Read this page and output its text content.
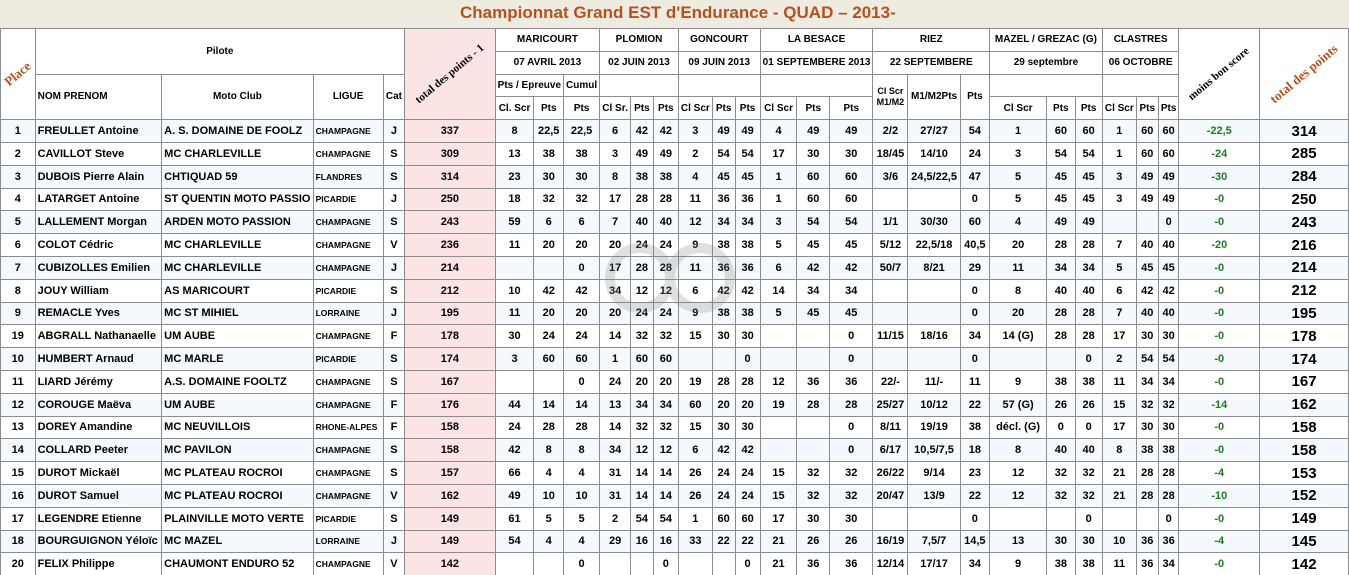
Championnat Grand EST d'Endurance - QUAD – 2013-
Place	Pilote				total des points - 1	MARICOURT			PLOMION			GONCOURT			LA BESACE			RIEZ			MAZEL / GREZAC (G)			CLASTRES			moins bon score	total des points
						07 AVRIL 2013			02 JUIN 2013			09 JUIN 2013			01 SEPTEMBERE 2013			22 SEPTEMBERE			29 septembre			06 OCTOBRE				
	NOM PRENOM	Moto Club	LIGUE	Cat		Pts / Epreuve		Cumul										Cl Scr M1/M2	M1/M2Pts	Pts								
						Cl. Scr	Pts	Pts	Cl Sr.	Pts	Pts	Cl Scr	Pts	Pts	Cl Scr	Pts	Pts				Cl Scr	Pts	Pts	Cl Scr	Pts	Pts		
1	FREULLET Antoine	A. S. DOMAINE DE FOOLZ	CHAMPAGNE	J	337	8	22,5	22,5	6	42	42	3	49	49	4	49	49	2/2	27/27	54	1	60	60	1	60	60	-22,5	314
2	CAVILLOT Steve	MC CHARLEVILLE	CHAMPAGNE	S	309	13	38	38	3	49	49	2	54	54	17	30	30	18/45	14/10	24	3	54	54	1	60	60	-24	285
3	DUBOIS Pierre Alain	CHTIQUAD 59	FLANDRES	S	314	23	30	30	8	38	38	4	45	45	1	60	60	3/6	24,5/22,5	47	5	45	45	3	49	49	-30	284
4	LATARGET Antoine	ST QUENTIN MOTO PASSIO	PICARDIE	J	250	18	32	32	17	28	28	11	36	36	1	60	60			0	5	45	45	3	49	49	-0	250
5	LALLEMENT Morgan	ARDEN MOTO PASSION	CHAMPAGNE	S	243	59	6	6	7	40	40	12	34	34	3	54	54	1/1	30/30	60	4	49	49			0	-0	243
6	COLOT Cédric	MC CHARLEVILLE	CHAMPAGNE	V	236	11	20	20	20	24	24	9	38	38	5	45	45	5/12	22,5/18	40,5	20	28	28	7	40	40	-20	216
7	CUBIZOLLES Emilien	MC CHARLEVILLE	CHAMPAGNE	J	214			0	17	28	28	11	36	36	6	42	42	50/7	8/21	29	11	34	34	5	45	45	-0	214
8	JOUY William	AS MARICOURT	PICARDIE	S	212	10	42	42	34	12	12	6	42	42	14	34	34			0	8	40	40	6	42	42	-0	212
9	REMACLE Yves	MC ST MIHIEL	LORRAINE	J	195	11	20	20	20	24	24	9	38	38	5	45	45			0	20	28	28	7	40	40	-0	195
19	ABGRALL Nathanaelle	UM AUBE	CHAMPAGNE	F	178	30	24	24	14	32	32	15	30	30			0	11/15	18/16	34	14 (G)	28	28	17	30	30	-0	178
10	HUMBERT Arnaud	MC MARLE	PICARDIE	S	174	3	60	60	1	60	60			0			0			0			0	2	54	54	-0	174
11	LIARD Jérémy	A.S. DOMAINE FOOLTZ	CHAMPAGNE	S	167			0	24	20	20	19	28	28	12	36	36	22/-	11/-	11	9	38	38	11	34	34	-0	167
12	COROUGE Maëva	UM AUBE	CHAMPAGNE	F	176	44	14	14	13	34	34	60	20	20	19	28	28	25/27	10/12	22	57 (G)	26	26	15	32	32	-14	162
13	DOREY Amandine	MC NEUVILLOIS	RHONE-ALPES	F	158	24	28	28	14	32	32	15	30	30			0	8/11	19/19	38	décl. (G)	0	0	17	30	30	-0	158
14	COLLARD Peeter	MC PAVILON	CHAMPAGNE	S	158	42	8	8	34	12	12	6	42	42			0	6/17	10,5/7,5	18	8	40	40	8	38	38	-0	158
15	DUROT Mickaël	MC PLATEAU ROCROI	CHAMPAGNE	S	157	66	4	4	31	14	14	26	24	24	15	32	32	26/22	9/14	23	12	32	32	21	28	28	-4	153
16	DUROT Samuel	MC PLATEAU ROCROI	CHAMPAGNE	V	162	49	10	10	31	14	14	26	24	24	15	32	32	20/47	13/9	22	12	32	32	21	28	28	-10	152
17	LEGENDRE Etienne	PLAINVILLE MOTO VERTE	PICARDIE	S	149	61	5	5	2	54	54	1	60	60	17	30	30			0			0			0	-0	149
18	BOURGUIGNON Yéloïc	MC MAZEL	LORRAINE	J	149	54	4	4	29	16	16	33	22	22	21	26	26	16/19	7,5/7	14,5	13	30	30	10	36	36	-4	145
20	FELIX Philippe	CHAUMONT ENDURO 52	CHAMPAGNE	V	142			0			0			0	21	36	36	12/14	17/17	34	9	38	38	11	36	34	-0	142
